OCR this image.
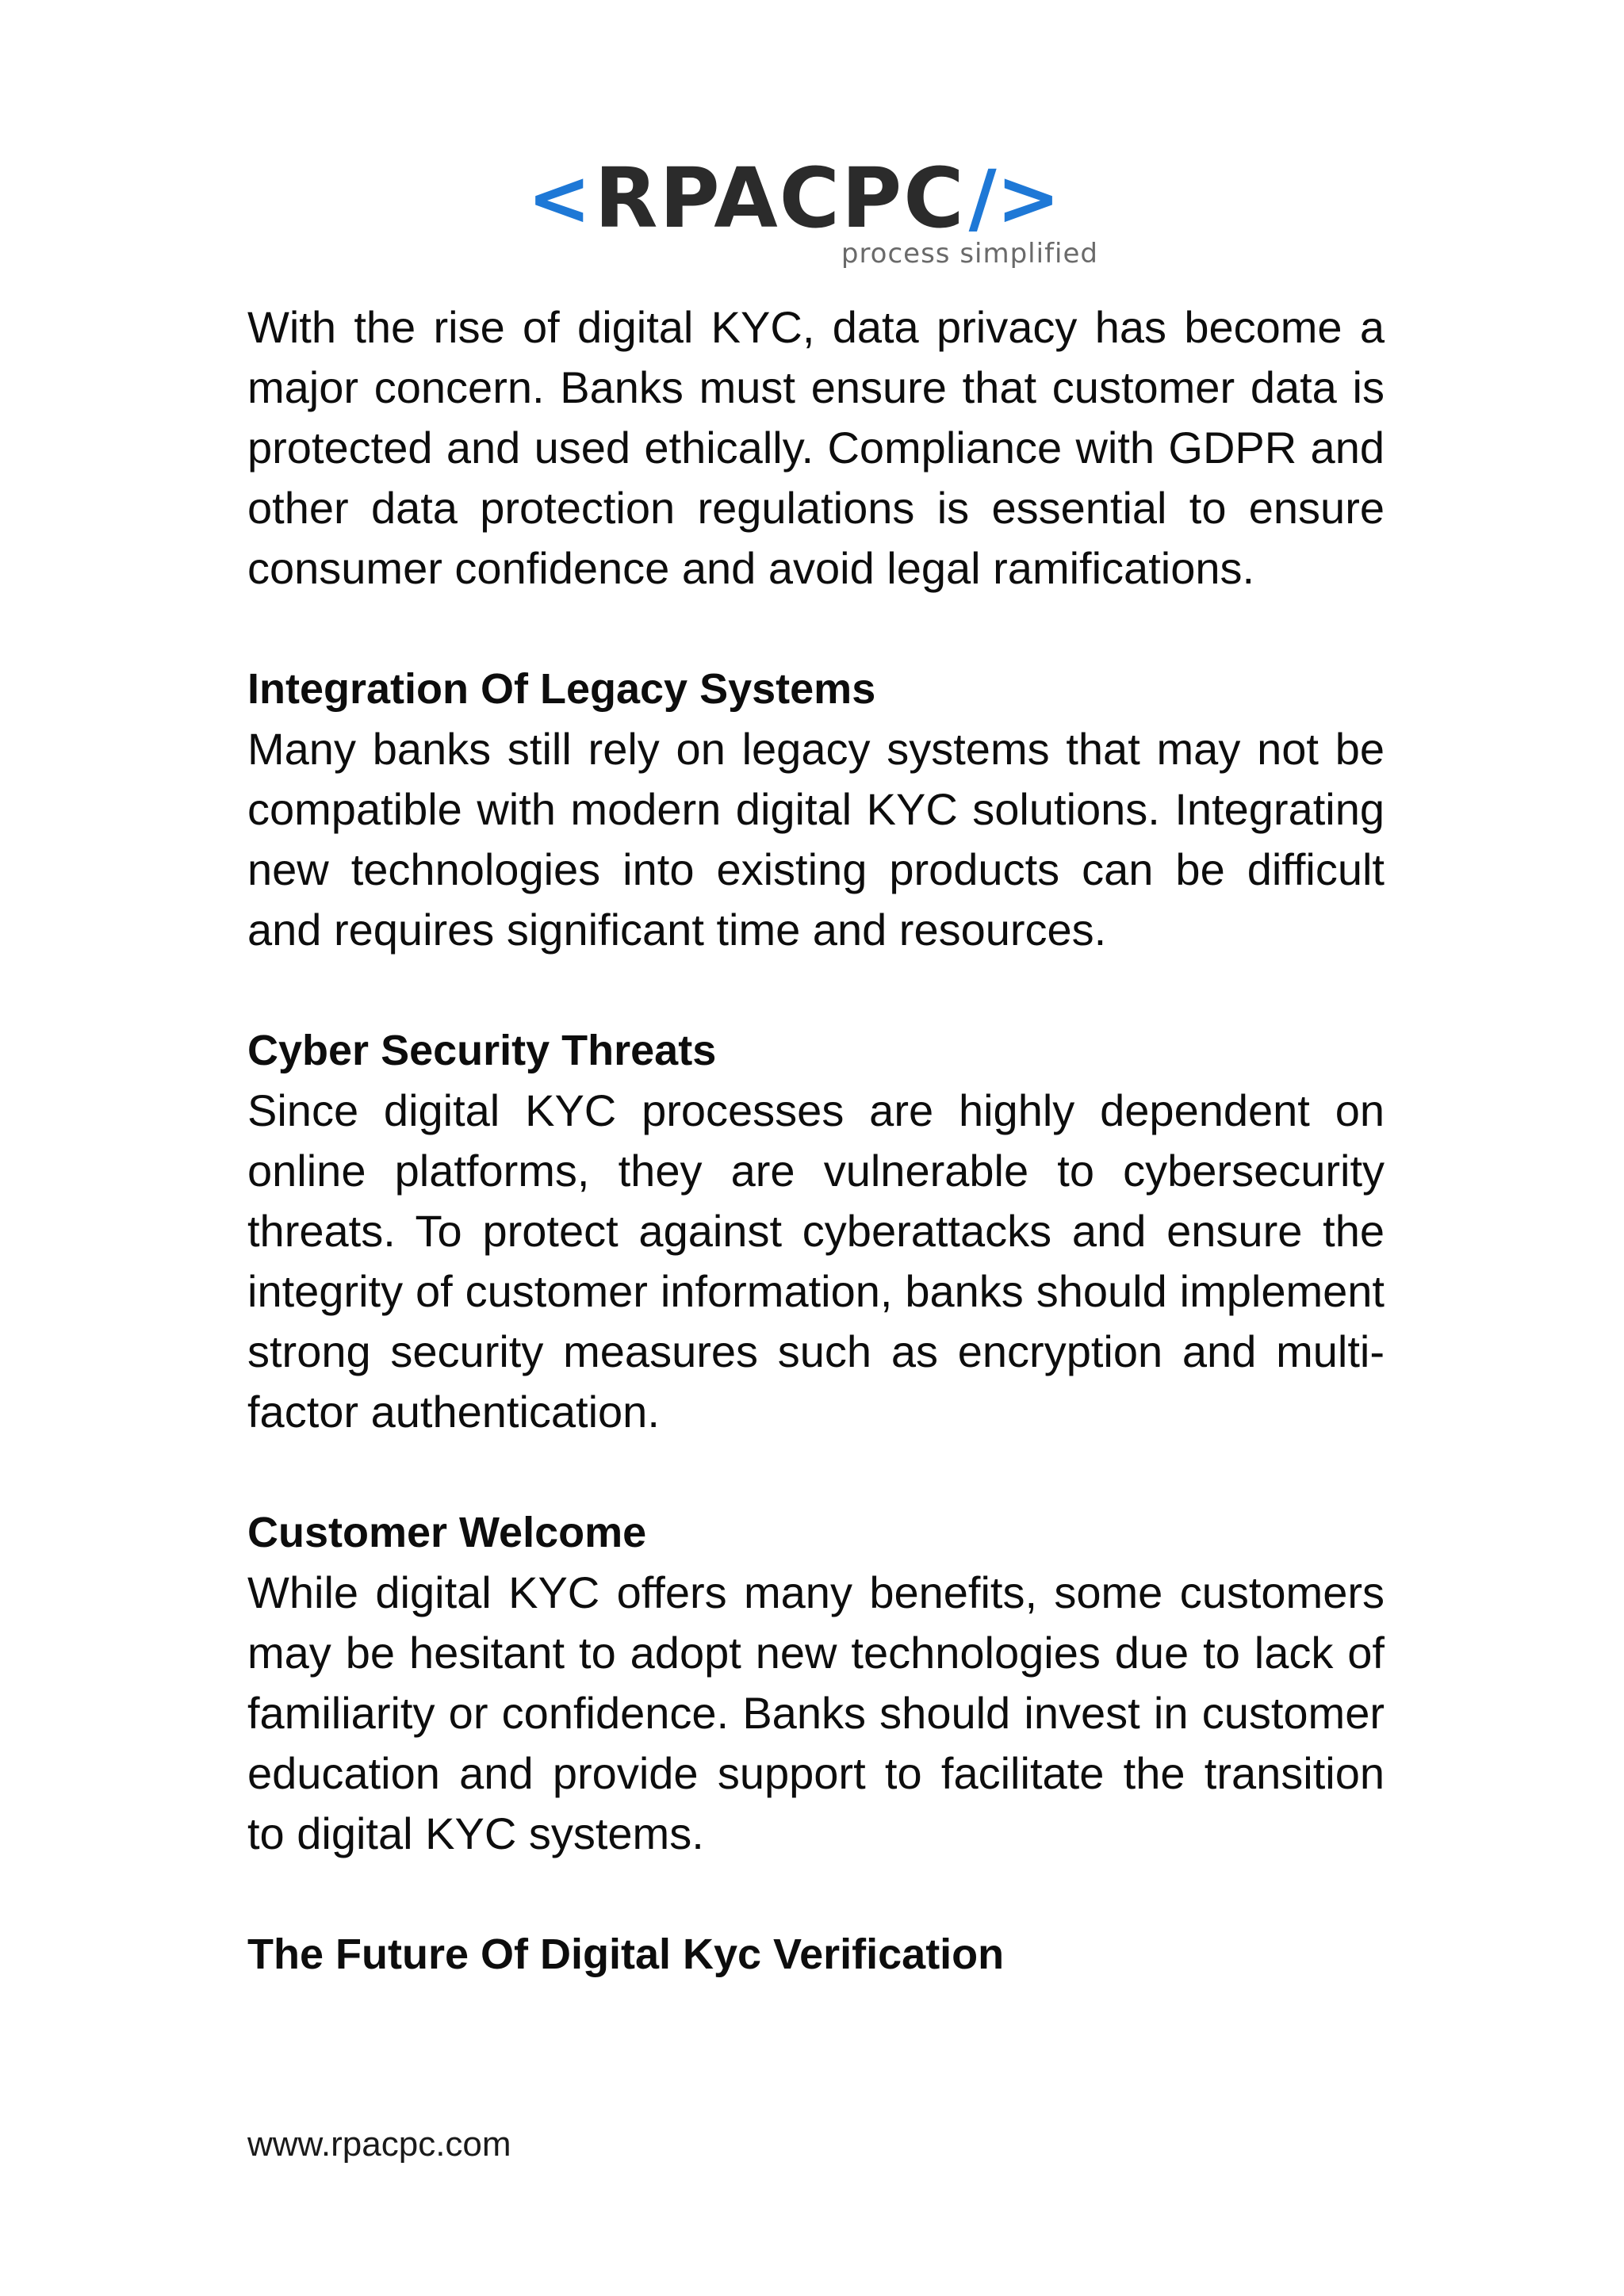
< RPACPC / >
process simplified

With the rise of digital KYC, data privacy has become a major concern. Banks must ensure that customer data is protected and used ethically. Compliance with GDPR and other data protection regulations is essential to ensure consumer confidence and avoid legal ramifications.

Integration Of Legacy Systems

Many banks still rely on legacy systems that may not be compatible with modern digital KYC solutions. Integrating new technologies into existing products can be difficult and requires significant time and resources.

Cyber Security Threats

Since digital KYC processes are highly dependent on online platforms, they are vulnerable to cybersecurity threats. To protect against cyberattacks and ensure the integrity of customer information, banks should implement strong security measures such as encryption and multi-factor authentication.

Customer Welcome

While digital KYC offers many benefits, some customers may be hesitant to adopt new technologies due to lack of familiarity or confidence. Banks should invest in customer education and provide support to facilitate the transition to digital KYC systems.

The Future Of Digital Kyc Verification
www.rpacpc.com
